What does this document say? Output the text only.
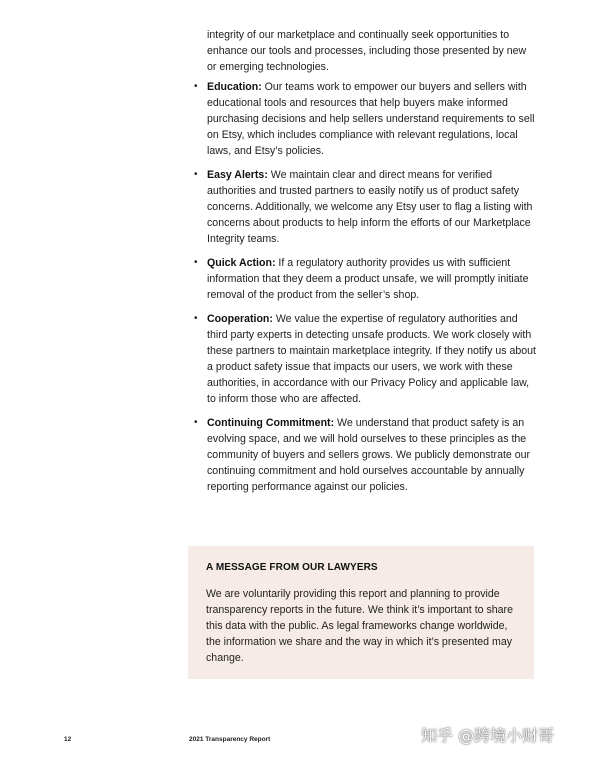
integrity of our marketplace and continually seek opportunities to enhance our tools and processes, including those presented by new or emerging technologies.

• Education: Our teams work to empower our buyers and sellers with educational tools and resources that help buyers make informed purchasing decisions and help sellers understand requirements to sell on Etsy, which includes compliance with relevant regulations, local laws, and Etsy’s policies.
• Easy Alerts: We maintain clear and direct means for verified authorities and trusted partners to easily notify us of product safety concerns. Additionally, we welcome any Etsy user to flag a listing with concerns about products to help inform the efforts of our Marketplace Integrity teams.
• Quick Action: If a regulatory authority provides us with sufficient information that they deem a product unsafe, we will promptly initiate removal of the product from the seller’s shop.
• Cooperation: We value the expertise of regulatory authorities and third party experts in detecting unsafe products. We work closely with these partners to maintain marketplace integrity. If they notify us about a product safety issue that impacts our users, we work with these authorities, in accordance with our Privacy Policy and applicable law, to inform those who are affected.
• Continuing Commitment: We understand that product safety is an evolving space, and we will hold ourselves to these principles as the community of buyers and sellers grows. We publicly demonstrate our continuing commitment and hold ourselves accountable by annually reporting performance against our policies.

A MESSAGE FROM OUR LAWYERS

We are voluntarily providing this report and planning to provide transparency reports in the future. We think it’s important to share this data with the public. As legal frameworks change worldwide, the information we share and the way in which it’s presented may change.

12	2021 Transparency Report	知乎 @跨境小财哥
